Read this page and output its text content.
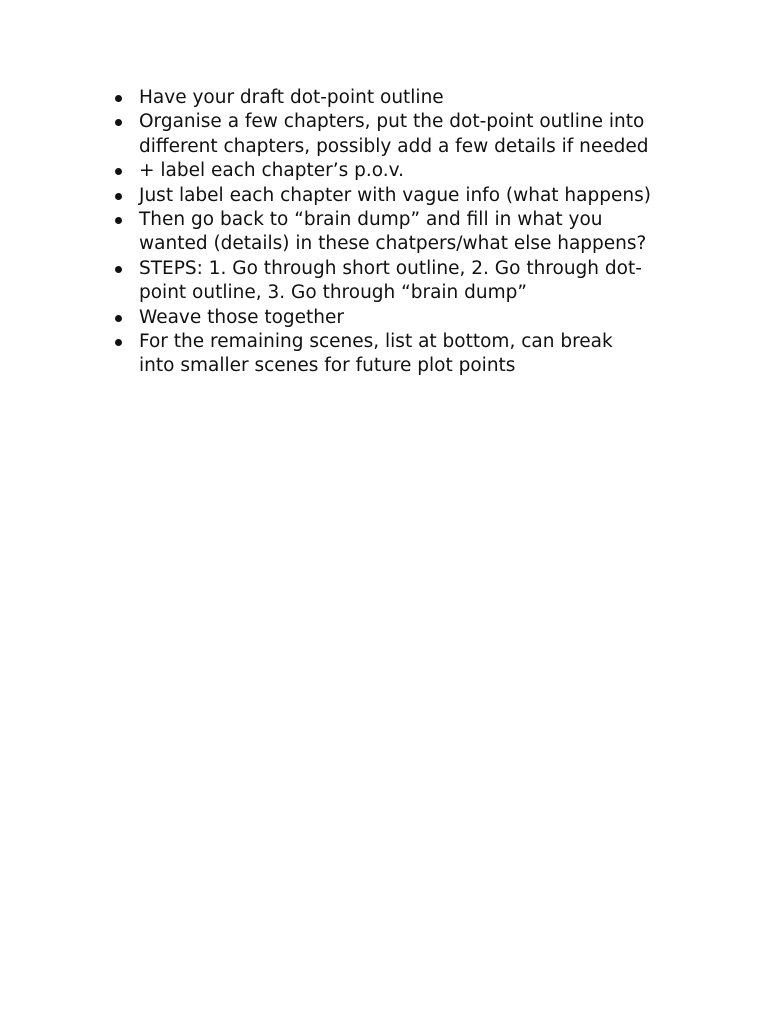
Have your draft dot-point outline
Organise a few chapters, put the dot-point outline into
different chapters, possibly add a few details if needed
+ label each chapter’s p.o.v.
Just label each chapter with vague info (what happens)
Then go back to “brain dump” and fill in what you
wanted (details) in these chatpers/what else happens?
STEPS: 1. Go through short outline, 2. Go through dot-
point outline, 3. Go through “brain dump”
Weave those together
For the remaining scenes, list at bottom, can break
into smaller scenes for future plot points
